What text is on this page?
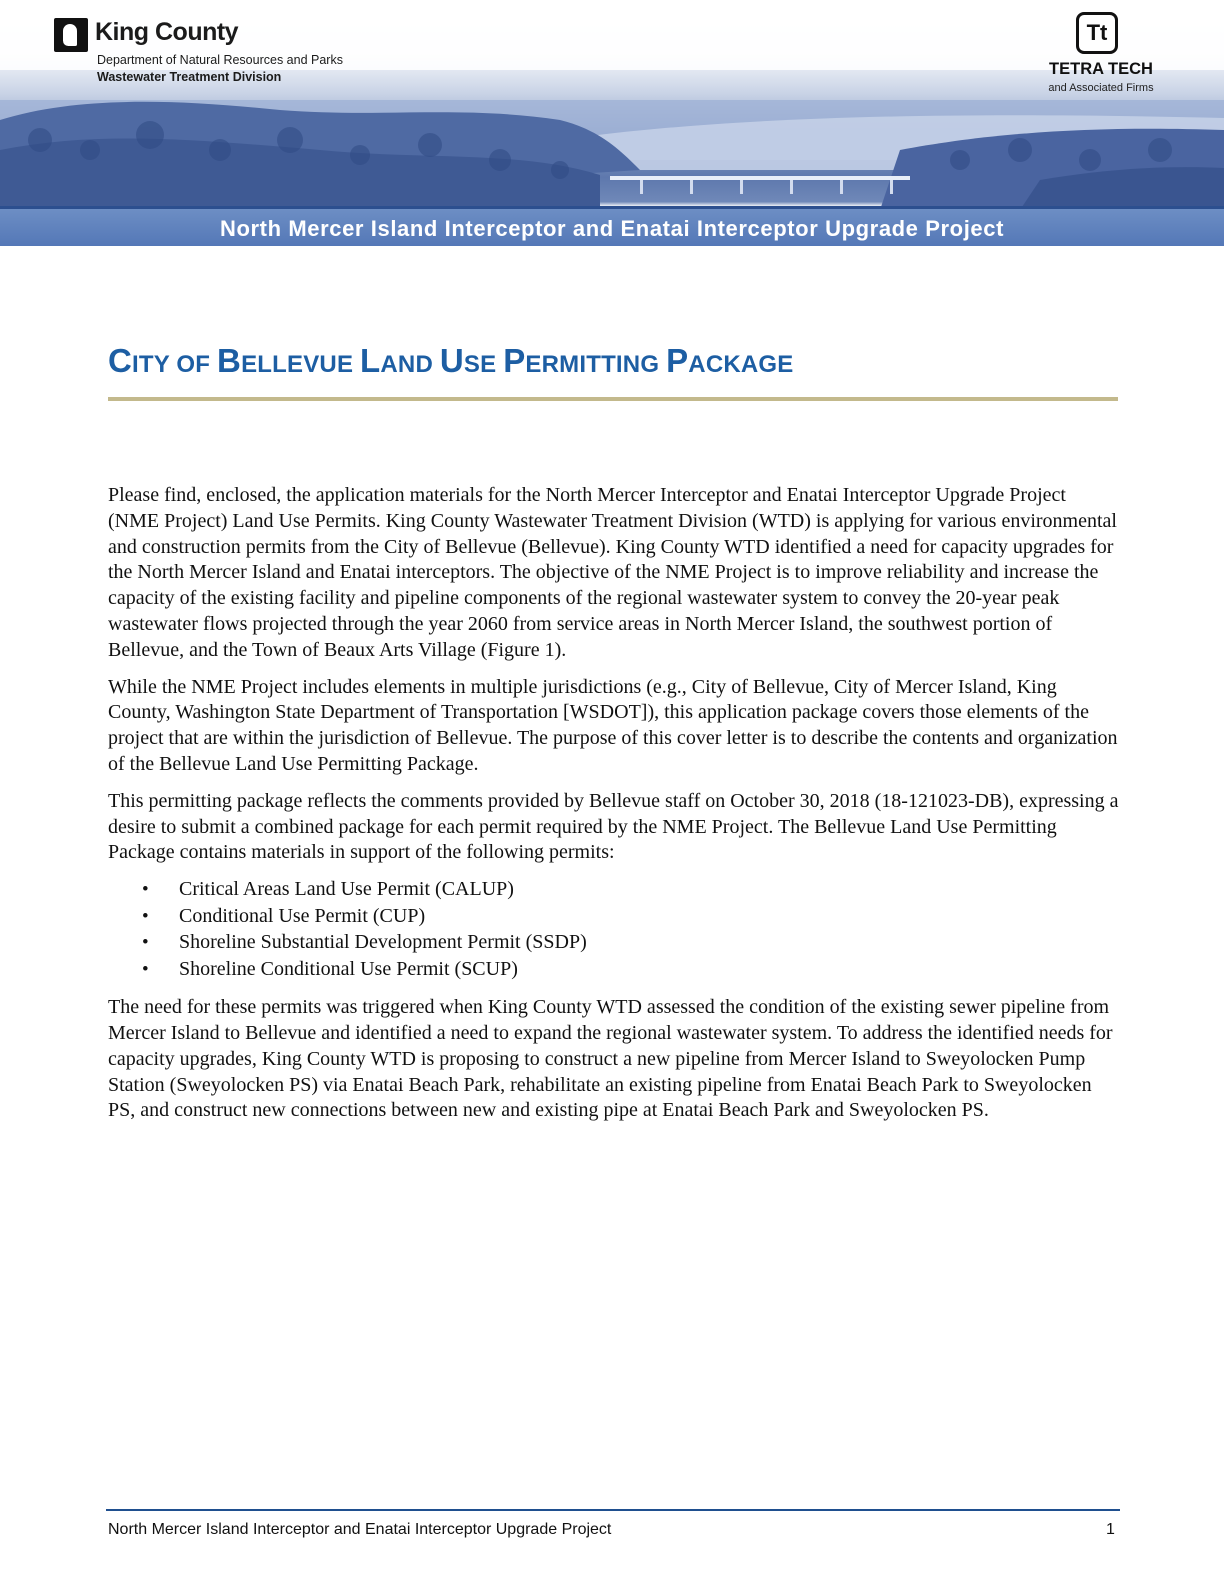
King County
Department of Natural Resources and Parks
Wastewater Treatment Division
Tt
TETRA TECH
and Associated Firms
North Mercer Island Interceptor and Enatai Interceptor Upgrade Project
CITY OF BELLEVUE LAND USE PERMITTING PACKAGE

Please find, enclosed, the application materials for the North Mercer Interceptor and Enatai Interceptor Upgrade Project (NME Project) Land Use Permits. King County Wastewater Treatment Division (WTD) is applying for various environmental and construction permits from the City of Bellevue (Bellevue). King County WTD identified a need for capacity upgrades for the North Mercer Island and Enatai interceptors. The objective of the NME Project is to improve reliability and increase the capacity of the existing facility and pipeline components of the regional wastewater system to convey the 20-year peak wastewater flows projected through the year 2060 from service areas in North Mercer Island, the southwest portion of Bellevue, and the Town of Beaux Arts Village (Figure 1).

While the NME Project includes elements in multiple jurisdictions (e.g., City of Bellevue, City of Mercer Island, King County, Washington State Department of Transportation [WSDOT]), this application package covers those elements of the project that are within the jurisdiction of Bellevue. The purpose of this cover letter is to describe the contents and organization of the Bellevue Land Use Permitting Package.

This permitting package reflects the comments provided by Bellevue staff on October 30, 2018 (18-121023-DB), expressing a desire to submit a combined package for each permit required by the NME Project. The Bellevue Land Use Permitting Package contains materials in support of the following permits:

• Critical Areas Land Use Permit (CALUP)
• Conditional Use Permit (CUP)
• Shoreline Substantial Development Permit (SSDP)
• Shoreline Conditional Use Permit (SCUP)

The need for these permits was triggered when King County WTD assessed the condition of the existing sewer pipeline from Mercer Island to Bellevue and identified a need to expand the regional wastewater system. To address the identified needs for capacity upgrades, King County WTD is proposing to construct a new pipeline from Mercer Island to Sweyolocken Pump Station (Sweyolocken PS) via Enatai Beach Park, rehabilitate an existing pipeline from Enatai Beach Park to Sweyolocken PS, and construct new connections between new and existing pipe at Enatai Beach Park and Sweyolocken PS.

North Mercer Island Interceptor and Enatai Interceptor Upgrade Project	1
